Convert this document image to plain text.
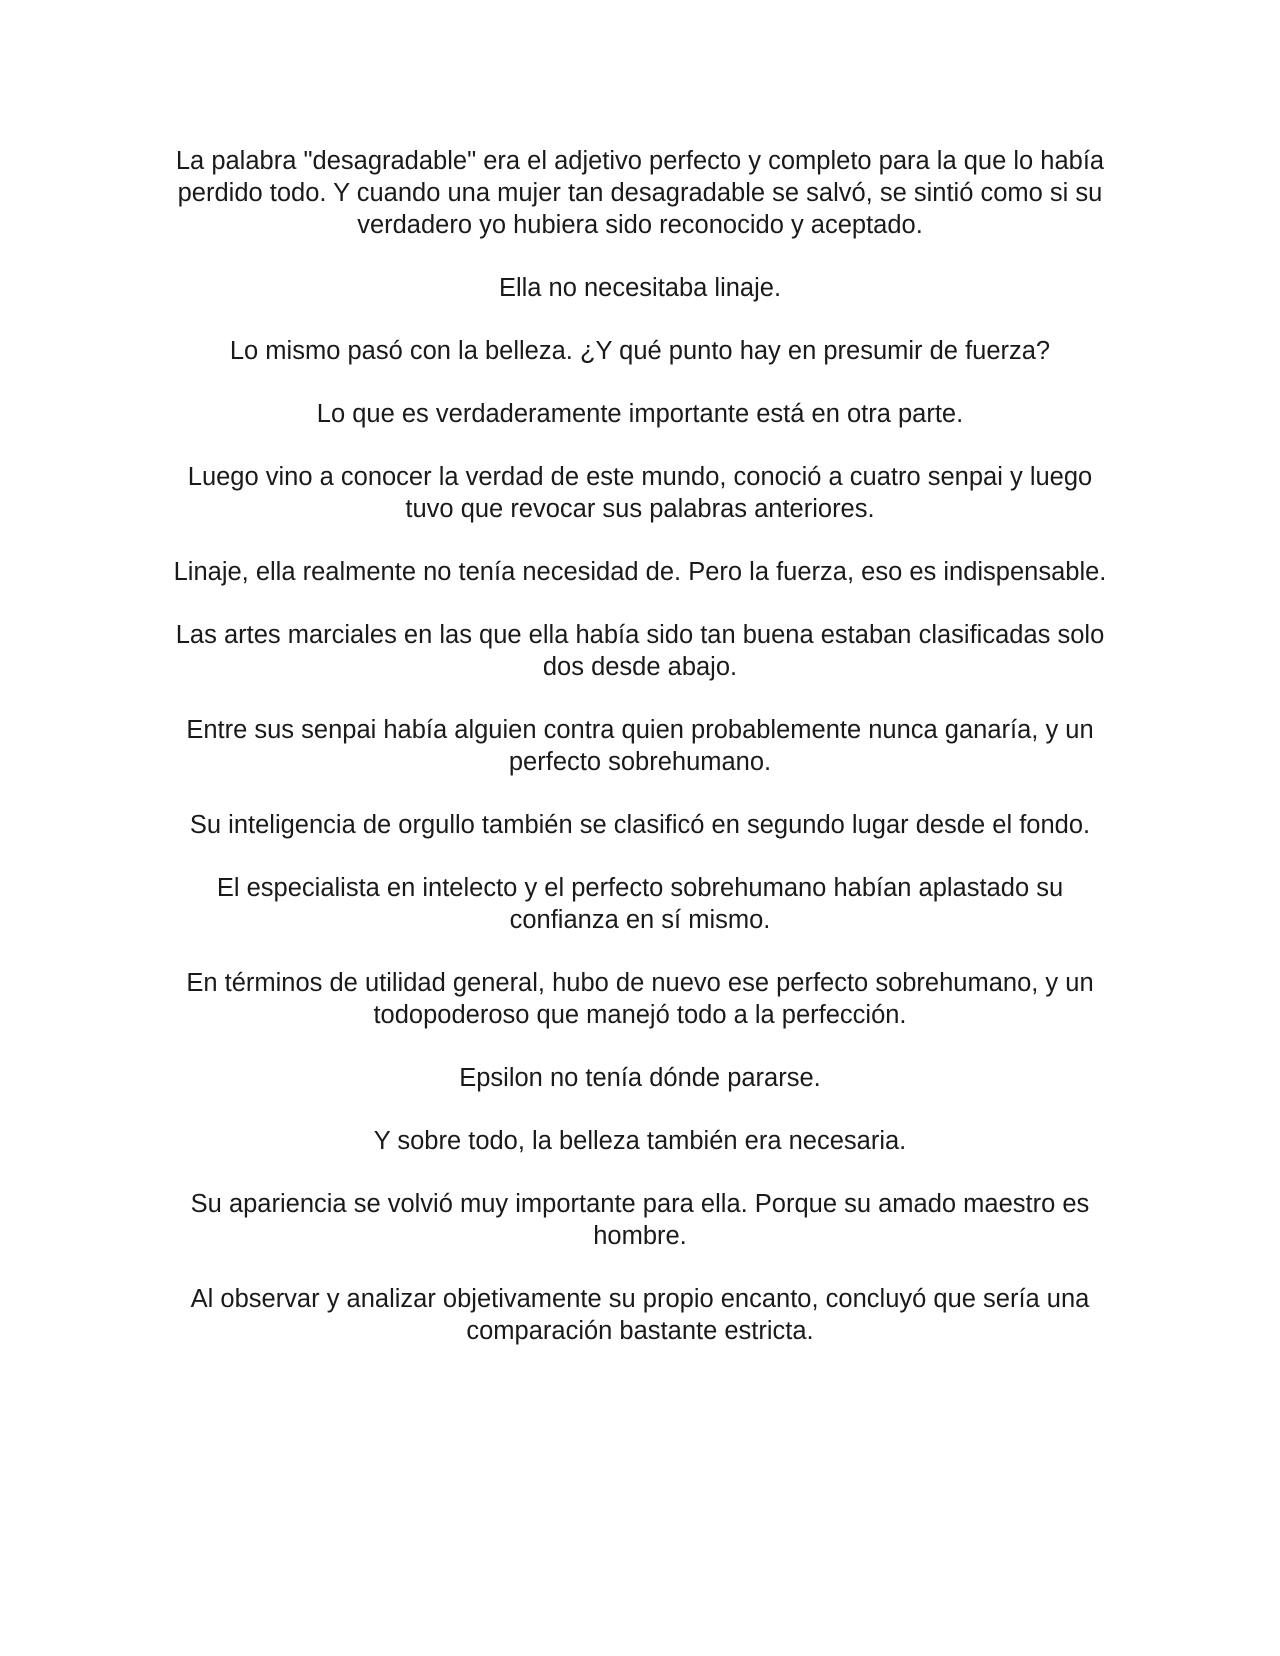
La palabra "desagradable" era el adjetivo perfecto y completo para la que lo había perdido todo. Y cuando una mujer tan desagradable se salvó, se sintió como si su verdadero yo hubiera sido reconocido y aceptado.

Ella no necesitaba linaje.

Lo mismo pasó con la belleza. ¿Y qué punto hay en presumir de fuerza?

Lo que es verdaderamente importante está en otra parte.

Luego vino a conocer la verdad de este mundo, conoció a cuatro senpai y luego tuvo que revocar sus palabras anteriores.

Linaje, ella realmente no tenía necesidad de. Pero la fuerza, eso es indispensable.

Las artes marciales en las que ella había sido tan buena estaban clasificadas solo dos desde abajo.

Entre sus senpai había alguien contra quien probablemente nunca ganaría, y un perfecto sobrehumano.

Su inteligencia de orgullo también se clasificó en segundo lugar desde el fondo.

El especialista en intelecto y el perfecto sobrehumano habían aplastado su confianza en sí mismo.

En términos de utilidad general, hubo de nuevo ese perfecto sobrehumano, y un todopoderoso que manejó todo a la perfección.

Epsilon no tenía dónde pararse.

Y sobre todo, la belleza también era necesaria.

Su apariencia se volvió muy importante para ella. Porque su amado maestro es hombre.

Al observar y analizar objetivamente su propio encanto, concluyó que sería una comparación bastante estricta.
